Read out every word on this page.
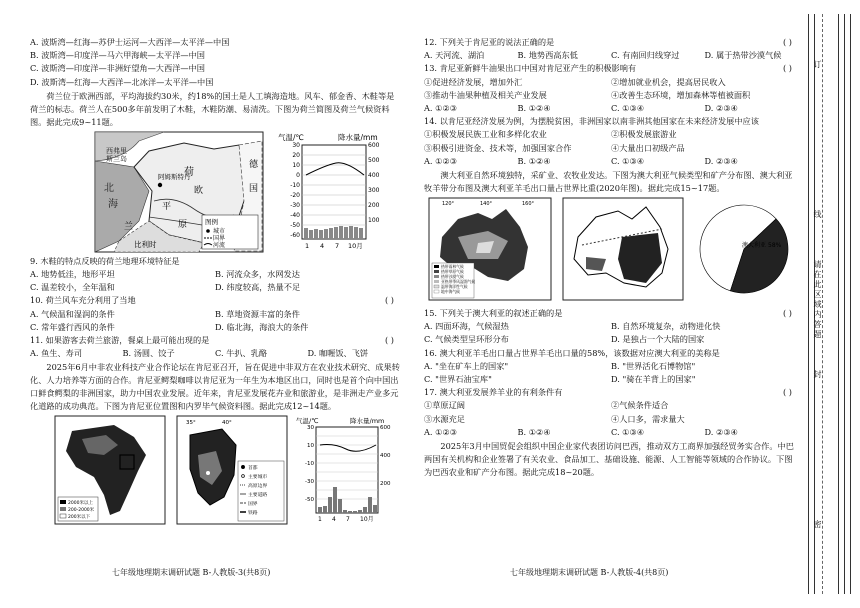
A. 波斯湾—红海—苏伊士运河—大西洋—太平洋—中国
B. 波斯湾—印度洋—马六甲海峡—太平洋—中国
C. 波斯湾—印度洋—非洲好望角—大西洋—中国
D. 波斯湾—红海—大西洋—北冰洋—太平洋—中国
荷兰位于欧洲西部，平均海拔约30米，约18%的国土是人工填海造地。风车、郁金香、木鞋等是荷兰的标志。荷兰人在500多年前发明了木鞋，木鞋防潮、易清洗。下图为荷兰简图及荷兰气候资料图。据此完成9~11题。
西弗里
斯兰岛
北
海
荷
欧
阿姆斯特丹
德
国
平
原
兰
比利时
图例
城市
国界
河流
气温/℃	降水量/mm
30
20
10
0
-10
-20
-30
-40
-50
-60
600
500
400
300
200
100
1 4 7 10月
9. 木鞋的特点反映的荷兰地理环境特征是
A. 地势低洼，地形平坦	B. 河流众多，水网发达
C. 温差较小，全年温和	D. 纬度较高，热量不足
10. 荷兰风车充分利用了当地	( )
A. 气候温和湿润的条件	B. 草地资源丰富的条件
C. 常年盛行西风的条件	D. 临北海，海浪大的条件
11. 如果游客去荷兰旅游，餐桌上最可能出现的是	( )
A. 鱼生、寿司	B. 汤圆、饺子	C. 牛扒、乳酪	D. 咖喱饭、飞饼
2025年6月中非农业科技产业合作论坛在肯尼亚召开，旨在促进中非双方在农业技术研究、成果转化、人力培养等方面的合作。肯尼亚鳄梨咖啡以肯尼亚为一年生为本地区出口，同时也是首个向中国出口鲜食鳄梨的非洲国家，助力中国农业发展。近年来，肯尼亚发展花卉业和旅游业，是非洲走产业多元化道路的成功典范。下图为肯尼亚位置图和内罗毕气候资料图。据此完成12~14题。
2000米以上
200-2000米
200米以下
35°	40°
首都
主要城市
高原边界
主要道路
国界
铁路
气温/℃	降水量/mm
30
10
-10
-30
-50
600
400
200
1 4 7 10月
七年级地理期末调研试题 B-人教版-3(共8页)
12. 下列关于肯尼亚的说法正确的是	( )
A. 天河流、湖泊	B. 地势西高东低	C. 有南回归线穿过	D. 属于热带沙漠气候
13. 肯尼亚新鲜牛油果出口中国对肯尼亚产生的积极影响有	( )
①促进经济发展，增加外汇	②增加就业机会，提高居民收入
③推动牛油果种植及相关产业发展	④改善生态环境，增加森林等植被面积
A. ①②③	B. ①②④	C. ①③④	D. ②③④
14. 以肯尼亚经济发展为例，为摆脱贫困，非洲国家以南非洲其他国家在未来经济发展中应该
①积极发展民族工业和多样化农业	②积极发展旅游业
③积极引进资金、技术等，加强国家合作	④大量出口初级产品
A. ①②③	B. ①②④	C. ①③④	D. ②③④
澳大利亚自然环境独特，采矿业、农牧业发达。下图为澳大利亚气候类型和矿产分布图、澳大利亚牧羊带分布图及澳大利亚羊毛出口量占世界比重(2020年图)。据此完成15~17题。
120°	140°	160°
热带雨林气候
热带草原气候
热带沙漠气候
亚热带季风湿润气候
温带海洋性气候
地中海气候
澳大利亚 58%
15. 下列关于澳大利亚的叙述正确的是	( )
A. 四面环海，气候湿热	B. 自然环境复杂，动物进化快
C. 气候类型呈环形分布	D. 是独占一个大陆的国家
16. 澳大利亚羊毛出口量占世界羊毛出口量的58%，该数据对应澳大利亚的美称是
A. "坐在矿车上的国家"	B. "世界活化石博物馆"
C. "世界石油宝库"	D. "骑在羊背上的国家"
17. 澳大利亚发展养羊业的有利条件有	( )
①草原辽阔	②气候条件适合
③水源充足	④人口多，需求量大
A. ①②③	B. ①②④	C. ①③④	D. ②③④
2025年3月中国贸促会组织中国企业家代表团访问巴西，推动双方工商界加强经贸务实合作。中巴两国有关机构和企业签署了有关农业、食品加工、基础设施、能源、人工智能等领域的合作协议。下图为巴西农业和矿产分布图。据此完成18~20题。
七年级地理期末调研试题 B-人教版-4(共8页)
订
线
请在此区域内答题
封
密
